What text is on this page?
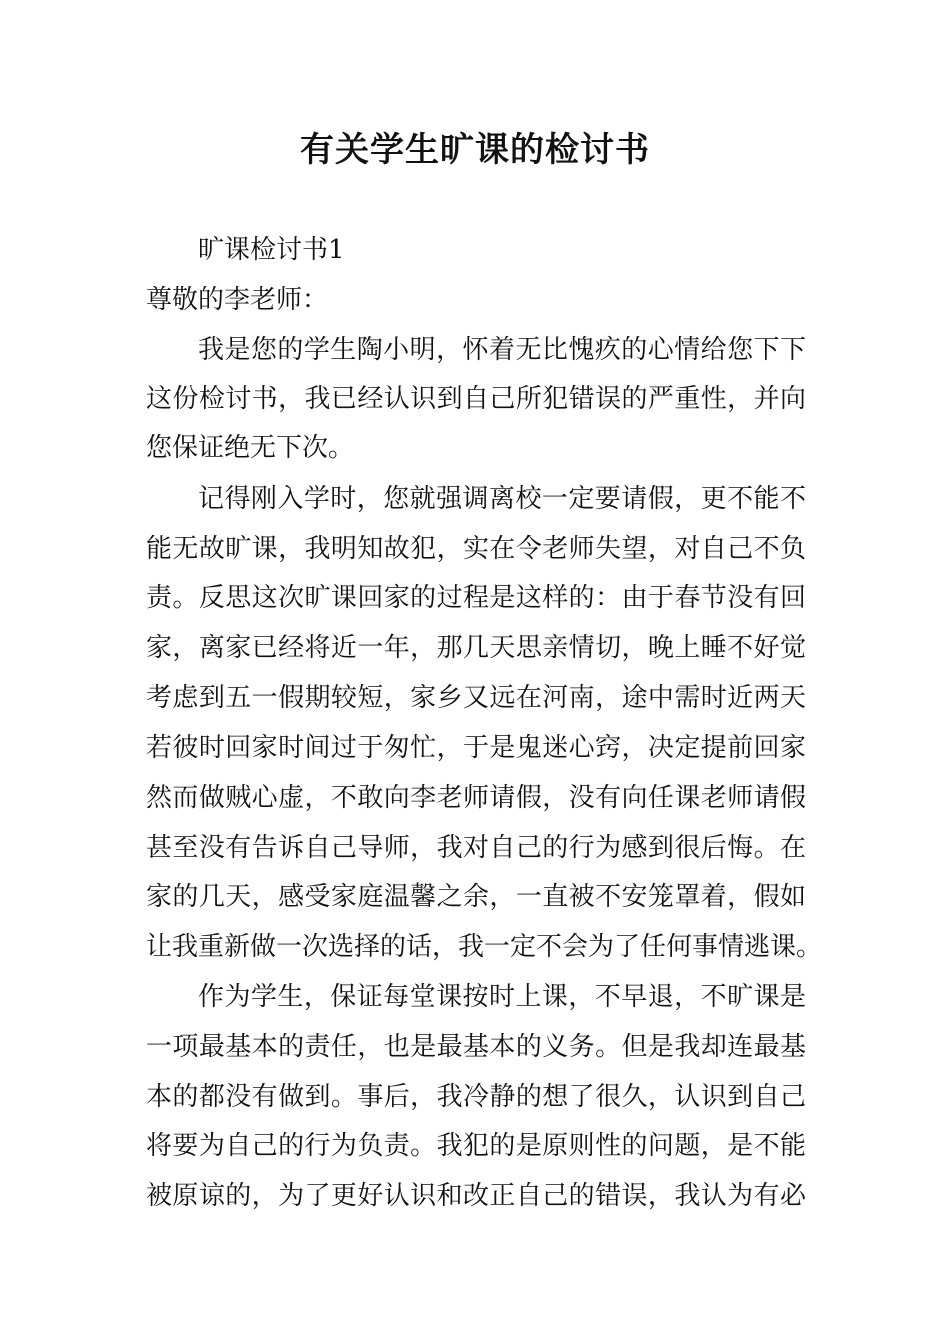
有关学生旷课的检讨书
旷课检讨书1
尊敬的李老师：
我是您的学生陶小明，怀着无比愧疚的心情给您下下
这份检讨书，我已经认识到自己所犯错误的严重性，并向
您保证绝无下次。
记得刚入学时，您就强调离校一定要请假，更不能不
能无故旷课，我明知故犯，实在令老师失望，对自己不负
责。反思这次旷课回家的过程是这样的：由于春节没有回
家，离家已经将近一年，那几天思亲情切，晚上睡不好觉
考虑到五一假期较短，家乡又远在河南，途中需时近两天
若彼时回家时间过于匆忙，于是鬼迷心窍，决定提前回家
然而做贼心虚，不敢向李老师请假，没有向任课老师请假
甚至没有告诉自己导师，我对自己的行为感到很后悔。在
家的几天，感受家庭温馨之余，一直被不安笼罩着，假如
让我重新做一次选择的话，我一定不会为了任何事情逃课。
作为学生，保证每堂课按时上课，不早退，不旷课是
一项最基本的责任，也是最基本的义务。但是我却连最基
本的都没有做到。事后，我冷静的想了很久，认识到自己
将要为自己的行为负责。我犯的是原则性的问题，是不能
被原谅的，为了更好认识和改正自己的错误，我认为有必
